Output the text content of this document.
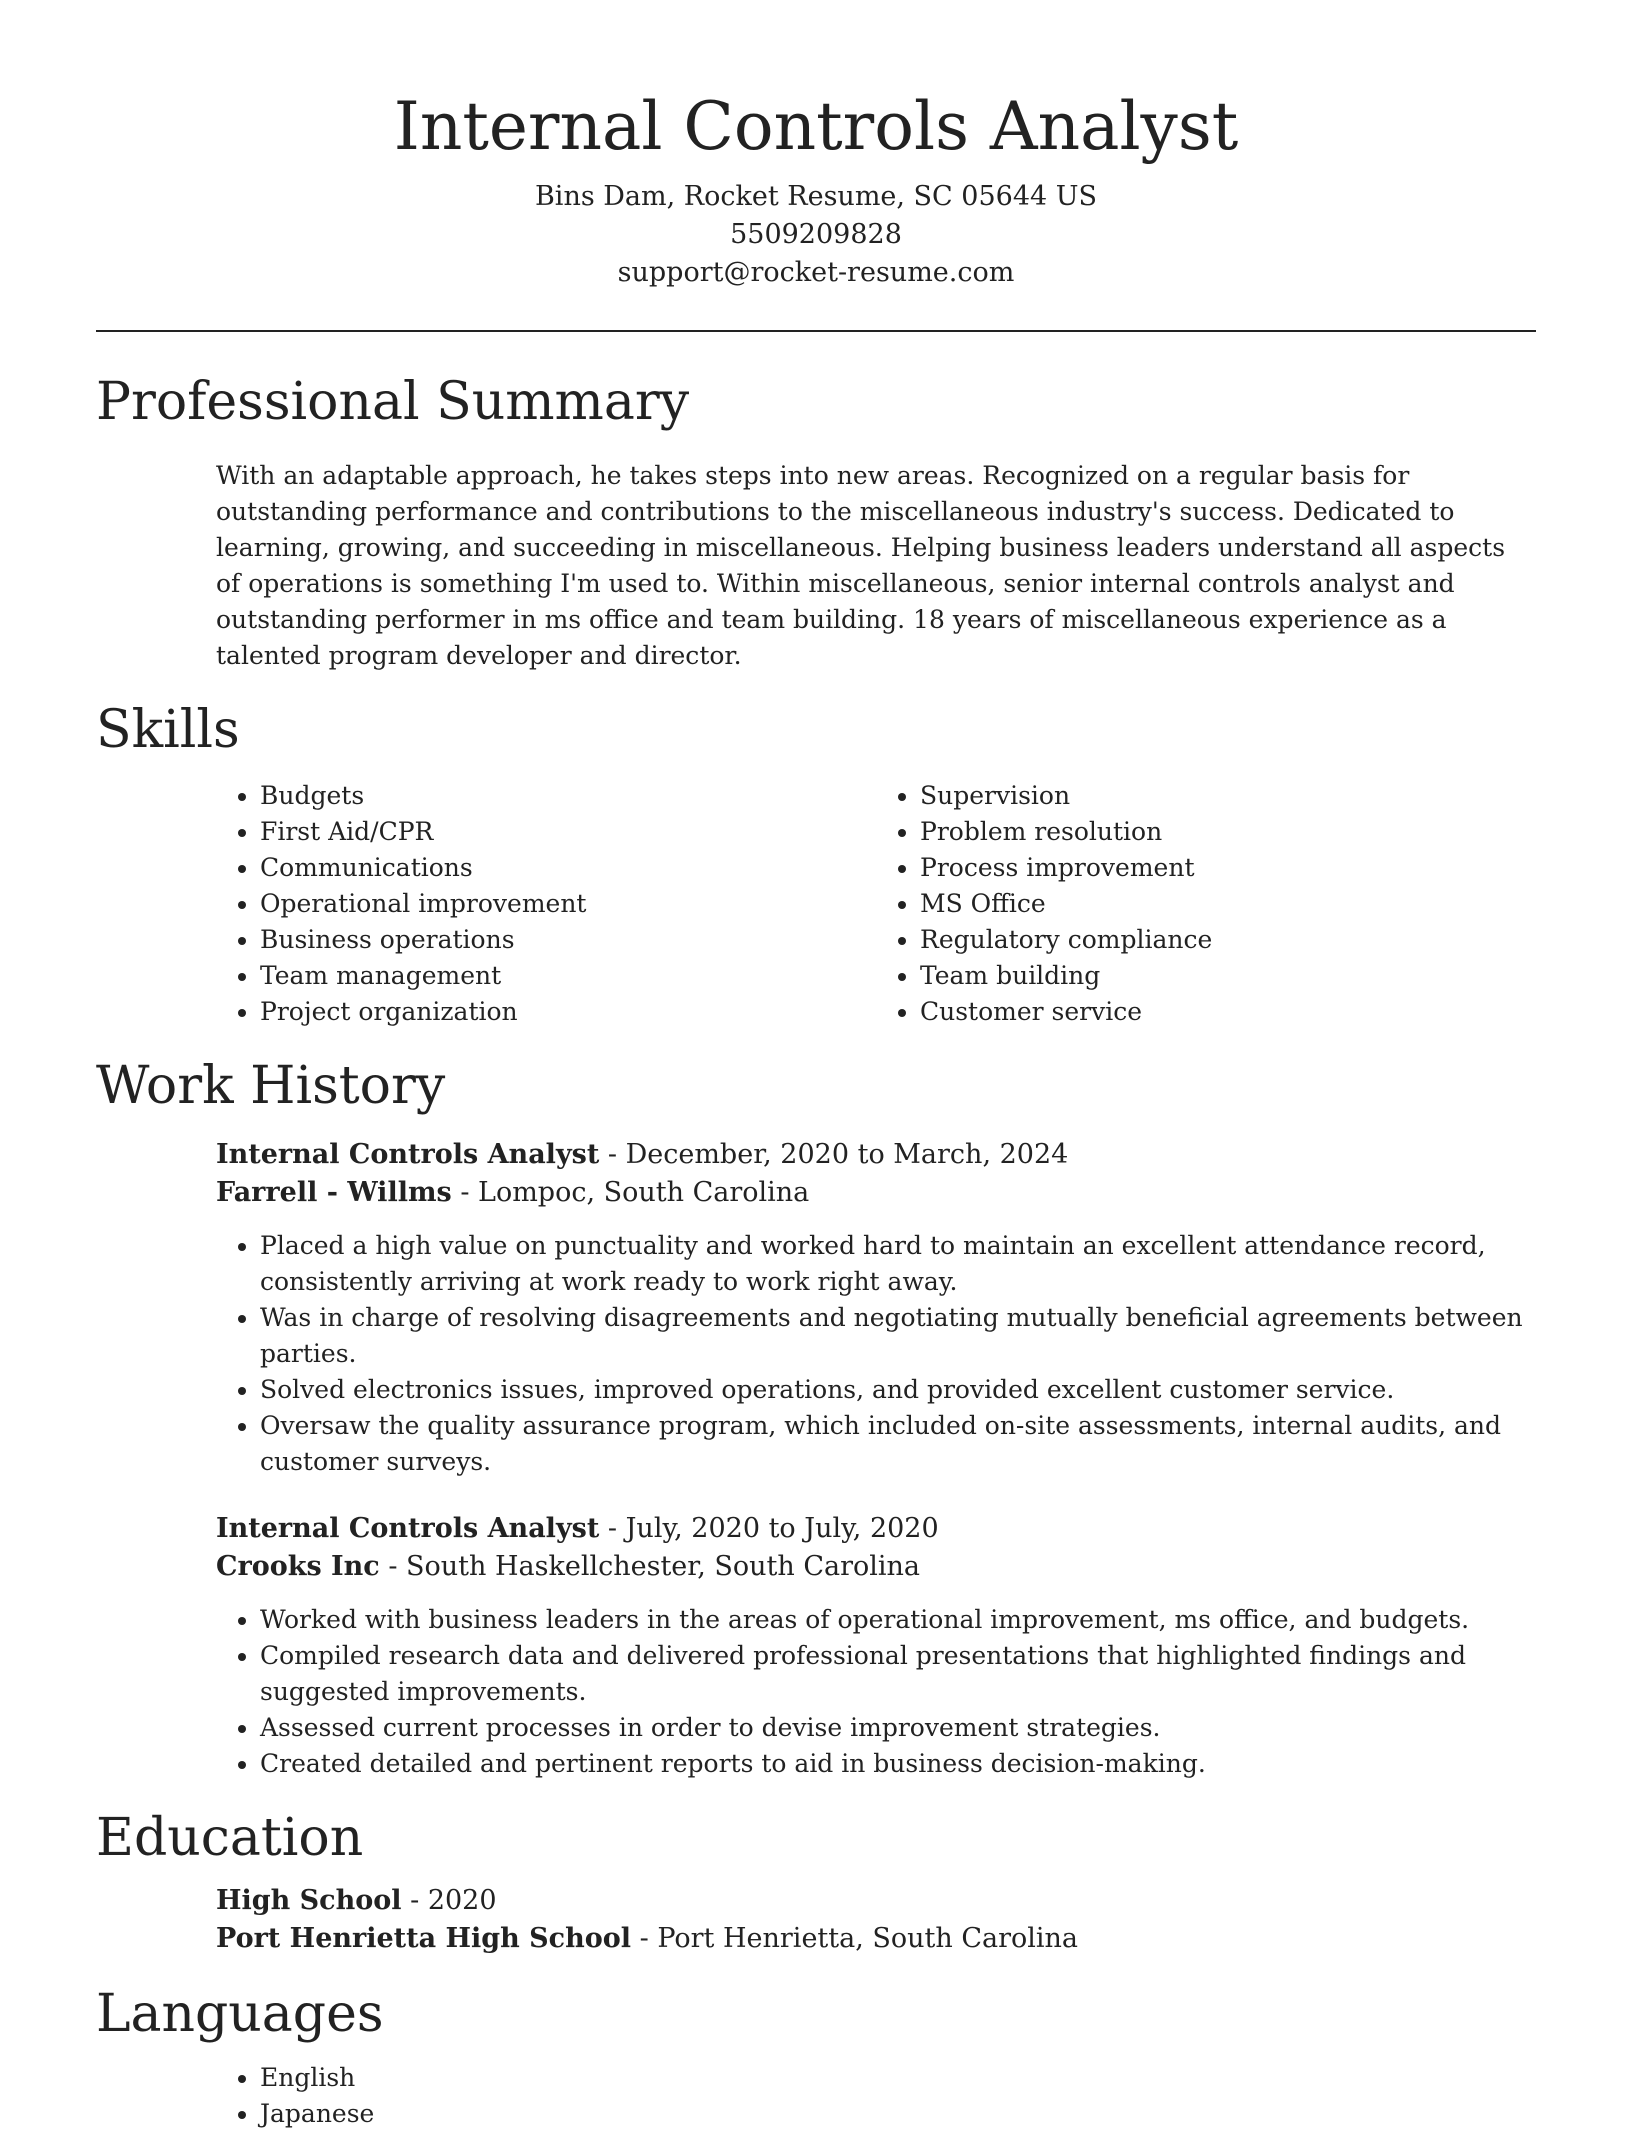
Internal Controls Analyst
Bins Dam, Rocket Resume, SC 05644 US
5509209828
support@rocket-resume.com
Professional Summary

With an adaptable approach, he takes steps into new areas. Recognized on a regular basis for outstanding performance and contributions to the miscellaneous industry's success. Dedicated to learning, growing, and succeeding in miscellaneous. Helping business leaders understand all aspects of operations is something I'm used to. Within miscellaneous, senior internal controls analyst and outstanding performer in ms office and team building. 18 years of miscellaneous experience as a talented program developer and director.

Skills
• Budgets
• First Aid/CPR
• Communications
• Operational improvement
• Business operations
• Team management
• Project organization
• Supervision
• Problem resolution
• Process improvement
• MS Office
• Regulatory compliance
• Team building
• Customer service
Work History
Internal Controls Analyst - December, 2020 to March, 2024
Farrell - Willms - Lompoc, South Carolina
• Placed a high value on punctuality and worked hard to maintain an excellent attendance record, consistently arriving at work ready to work right away.
• Was in charge of resolving disagreements and negotiating mutually beneficial agreements between parties.
• Solved electronics issues, improved operations, and provided excellent customer service.
• Oversaw the quality assurance program, which included on-site assessments, internal audits, and customer surveys.
Internal Controls Analyst - July, 2020 to July, 2020
Crooks Inc - South Haskellchester, South Carolina
• Worked with business leaders in the areas of operational improvement, ms office, and budgets.
• Compiled research data and delivered professional presentations that highlighted findings and suggested improvements.
• Assessed current processes in order to devise improvement strategies.
• Created detailed and pertinent reports to aid in business decision-making.
Education
High School - 2020
Port Henrietta High School - Port Henrietta, South Carolina
Languages
• English
• Japanese
